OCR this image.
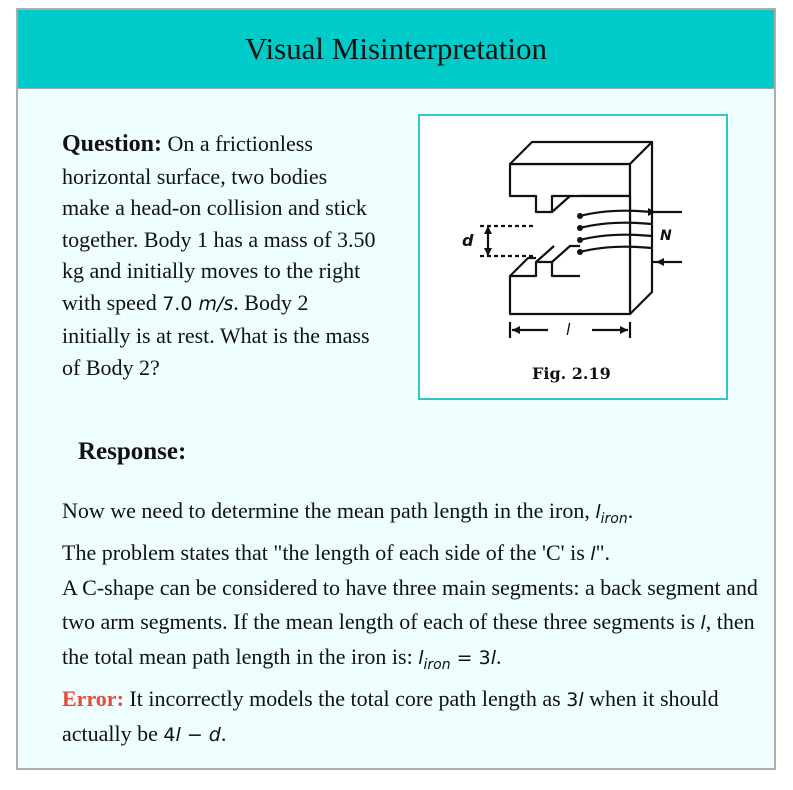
Visual Misinterpretation
Question: On a frictionless horizontal surface, two bodies make a head-on collision and stick together. Body 1 has a mass of 3.50 kg and initially moves to the right with speed 7.0 m/s. Body 2 initially is at rest. What is the mass of Body 2?
d	N
l
Fig. 2.19
Response:

Now we need to determine the mean path length in the iron, $l_{iron}$.

The problem states that "the length of each side of the 'C' is l".

A C-shape can be considered to have three main segments: a back segment and two arm segments. If the mean length of each of these three segments is l, then the total mean path length in the iron is: $l_{iron} = 3l$.

Error: It incorrectly models the total core path length as 3l when it should actually be 4l − d.
